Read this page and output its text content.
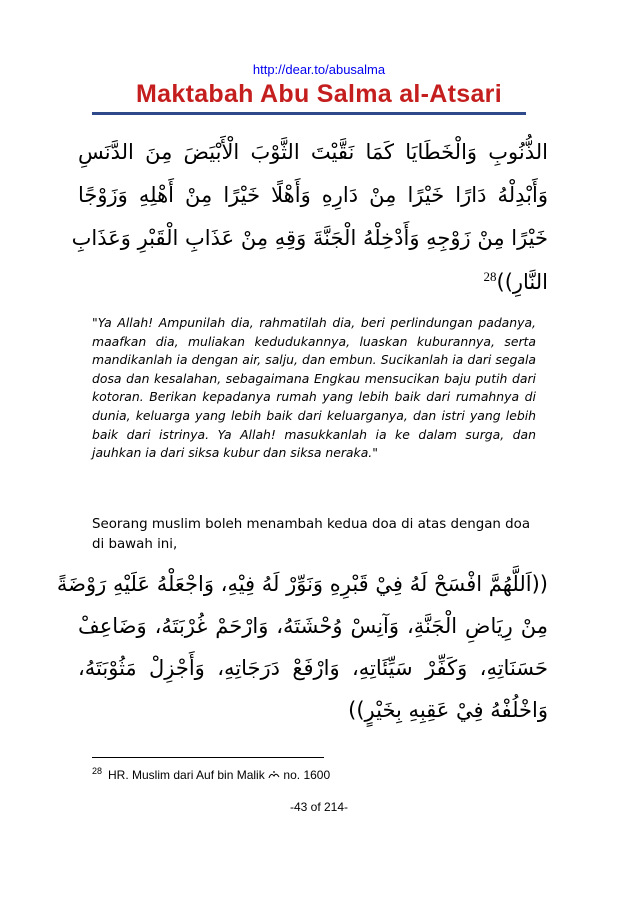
http://dear.to/abusalma
Maktabah Abu Salma al-Atsari
الذُّنُوبِ وَالْخَطَايَا كَمَا نَقَّيْتَ الثَّوْبَ الْأَبْيَضَ مِنَ الدَّنَسِ
وَأَبْدِلْهُ دَارًا خَيْرًا مِنْ دَارِهِ وَأَهْلًا خَيْرًا مِنْ أَهْلِهِ وَزَوْجًا
خَيْرًا مِنْ زَوْجِهِ وَأَدْخِلْهُ الْجَنَّةَ وَقِهِ مِنْ عَذَابِ الْقَبْرِ وَعَذَابِ
النَّارِ))$^{28}$
"Ya Allah! Ampunilah dia, rahmatilah dia, beri perlindungan padanya, maafkan dia, muliakan kedudukannya, luaskan kuburannya, serta mandikanlah ia dengan air, salju, dan embun. Sucikanlah ia dari segala dosa dan kesalahan, sebagaimana Engkau mensucikan baju putih dari kotoran. Berikan kepadanya rumah yang lebih baik dari rumahnya di dunia, keluarga yang lebih baik dari keluarganya, dan istri yang lebih baik dari istrinya. Ya Allah! masukkanlah ia ke dalam surga, dan jauhkan ia dari siksa kubur dan siksa neraka."
Seorang muslim boleh menambah kedua doa di atas dengan doa di bawah ini,
((اَللَّهُمَّ افْسَحْ لَهُ فِيْ قَبْرِهِ وَنَوِّرْ لَهُ فِيْهِ، وَاجْعَلْهُ عَلَيْهِ رَوْضَةً
مِنْ رِيَاضِ الْجَنَّةِ، وَآنِسْ وُحْشَتَهُ، وَارْحَمْ غُرْبَتَهُ، وَضَاعِفْ
حَسَنَاتِهِ، وَكَفِّرْ سَيِّئَاتِهِ، وَارْفَعْ دَرَجَاتِهِ، وَأَجْزِلْ مَثُوْبَتَهُ،
وَاخْلُفْهُ فِيْ عَقِبِهِ بِخَيْرٍ))
$^{28}$ HR. Muslim dari Auf bin Malik no. 1600
-43 of 214-
